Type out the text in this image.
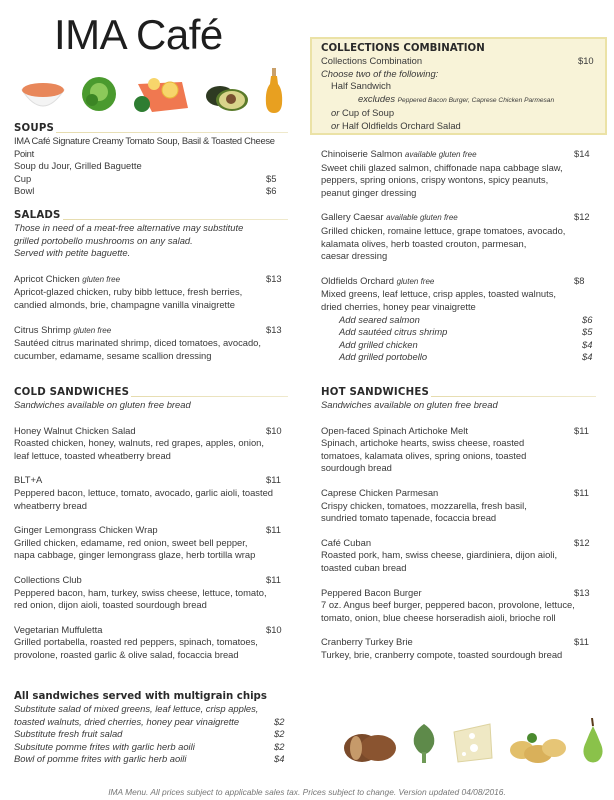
IMA Café
SOUPS
IMA Café Signature Creamy Tomato Soup, Basil & Toasted Cheese Point
Soup du Jour, Grilled Baguette
Cup	$5
Bowl	$6
SALADS
Those in need of a meat-free alternative may substitute
grilled portobello mushrooms on any salad.
Served with petite baguette.
Apricot Chicken gluten free	$13
Apricot-glazed chicken, ruby bibb lettuce, fresh berries,
candied almonds, brie, champagne vanilla vinaigrette
Citrus Shrimp gluten free	$13
Sautéed citrus marinated shrimp, diced tomatoes, avocado,
cucumber, edamame, sesame scallion dressing
COLD SANDWICHES
Sandwiches available on gluten free bread
Honey Walnut Chicken Salad	$10
Roasted chicken, honey, walnuts, red grapes, apples, onion,
leaf lettuce, toasted wheatberry bread
BLT+A	$11
Peppered bacon, lettuce, tomato, avocado, garlic aioli, toasted
wheatberry bread
Ginger Lemongrass Chicken Wrap	$11
Grilled chicken, edamame, red onion, sweet bell pepper,
napa cabbage, ginger lemongrass glaze, herb tortilla wrap
Collections Club	$11
Peppered bacon, ham, turkey, swiss cheese, lettuce, tomato,
red onion, dijon aioli, toasted sourdough bread
Vegetarian Muffuletta	$10
Grilled portabella, roasted red peppers, spinach, tomatoes,
provolone, roasted garlic & olive salad, focaccia bread
All sandwiches served with multigrain chips
Substitute salad of mixed greens, leaf lettuce, crisp apples,
toasted walnuts, dried cherries, honey pear vinaigrette	$2
Substitute fresh fruit salad	$2
Subsitute pomme frites with garlic herb aoili	$2
Bowl of pomme frites with garlic herb aoili	$4
COLLECTIONS COMBINATION
Collections Combination	$10
Choose two of the following:
Half Sandwich
excludes Peppered Bacon Burger, Caprese Chicken Parmesan
or Cup of Soup
or Half Oldfields Orchard Salad
Chinoiserie Salmon available gluten free	$14
Sweet chili glazed salmon, chiffonade napa cabbage slaw,
peppers, spring onions, crispy wontons, spicy peanuts,
peanut ginger dressing
Gallery Caesar available gluten free	$12
Grilled chicken, romaine lettuce, grape tomatoes, avocado,
kalamata olives, herb toasted crouton, parmesan,
caesar dressing
Oldfields Orchard gluten free	$8
Mixed greens, leaf lettuce, crisp apples, toasted walnuts,
dried cherries, honey pear vinaigrette
Add seared salmon	$6
Add sautéed citrus shrimp	$5
Add grilled chicken	$4
Add grilled portobello	$4
HOT SANDWICHES
Sandwiches available on gluten free bread
Open-faced Spinach Artichoke Melt	$11
Spinach, artichoke hearts, swiss cheese, roasted
tomatoes, kalamata olives, spring onions, toasted
sourdough bread
Caprese Chicken Parmesan	$11
Crispy chicken, tomatoes, mozzarella, fresh basil,
sundried tomato tapenade, focaccia bread
Café Cuban	$12
Roasted pork, ham, swiss cheese, giardiniera, dijon aioli,
toasted cuban bread
Peppered Bacon Burger	$13
7 oz. Angus beef burger, peppered bacon, provolone, lettuce,
tomato, onion, blue cheese horseradish aioli, brioche roll
Cranberry Turkey Brie	$11
Turkey, brie, cranberry compote, toasted sourdough bread
IMA Menu. All prices subject to applicable sales tax. Prices subject to change. Version updated 04/08/2016.
